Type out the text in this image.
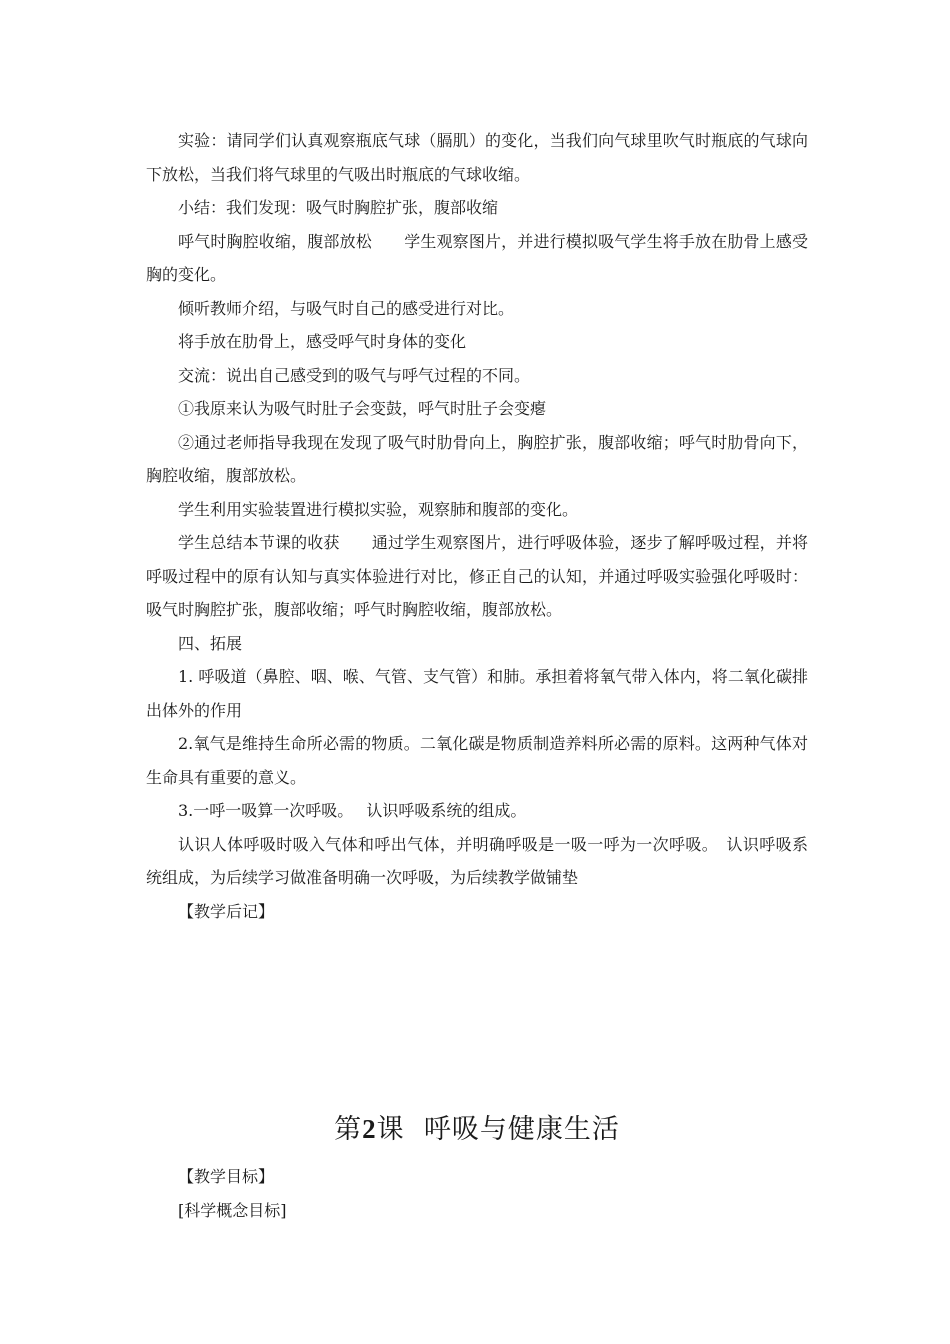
实验：请同学们认真观察瓶底气球（膈肌）的变化，当我们向气球里吹气时瓶底的气球向下放松，当我们将气球里的气吸出时瓶底的气球收缩。

小结：我们发现：吸气时胸腔扩张，腹部收缩

呼气时胸腔收缩，腹部放松　　学生观察图片，并进行模拟吸气学生将手放在肋骨上感受胸的变化。

倾听教师介绍，与吸气时自己的感受进行对比。

将手放在肋骨上，感受呼气时身体的变化

交流：说出自己感受到的吸气与呼气过程的不同。

①我原来认为吸气时肚子会变鼓，呼气时肚子会变瘪

②通过老师指导我现在发现了吸气时肋骨向上，胸腔扩张，腹部收缩；呼气时肋骨向下，胸腔收缩，腹部放松。

学生利用实验装置进行模拟实验，观察肺和腹部的变化。

学生总结本节课的收获　　通过学生观察图片，进行呼吸体验，逐步了解呼吸过程，并将呼吸过程中的原有认知与真实体验进行对比，修正自己的认知，并通过呼吸实验强化呼吸时：吸气时胸腔扩张，腹部收缩；呼气时胸腔收缩，腹部放松。

四、拓展

1. 呼吸道（鼻腔、咽、喉、气管、支气管）和肺。承担着将氧气带入体内，将二氧化碳排出体外的作用

2.氧气是维持生命所必需的物质。二氧化碳是物质制造养料所必需的原料。这两种气体对生命具有重要的意义。

3.一呼一吸算一次呼吸。　 认识呼吸系统的组成。

认识人体呼吸时吸入气体和呼出气体，并明确呼吸是一吸一呼为一次呼吸。　认识呼吸系统组成，为后续学习做准备明确一次呼吸，为后续教学做铺垫

【教学后记】

第2课  呼吸与健康生活

【教学目标】

[科学概念目标]
